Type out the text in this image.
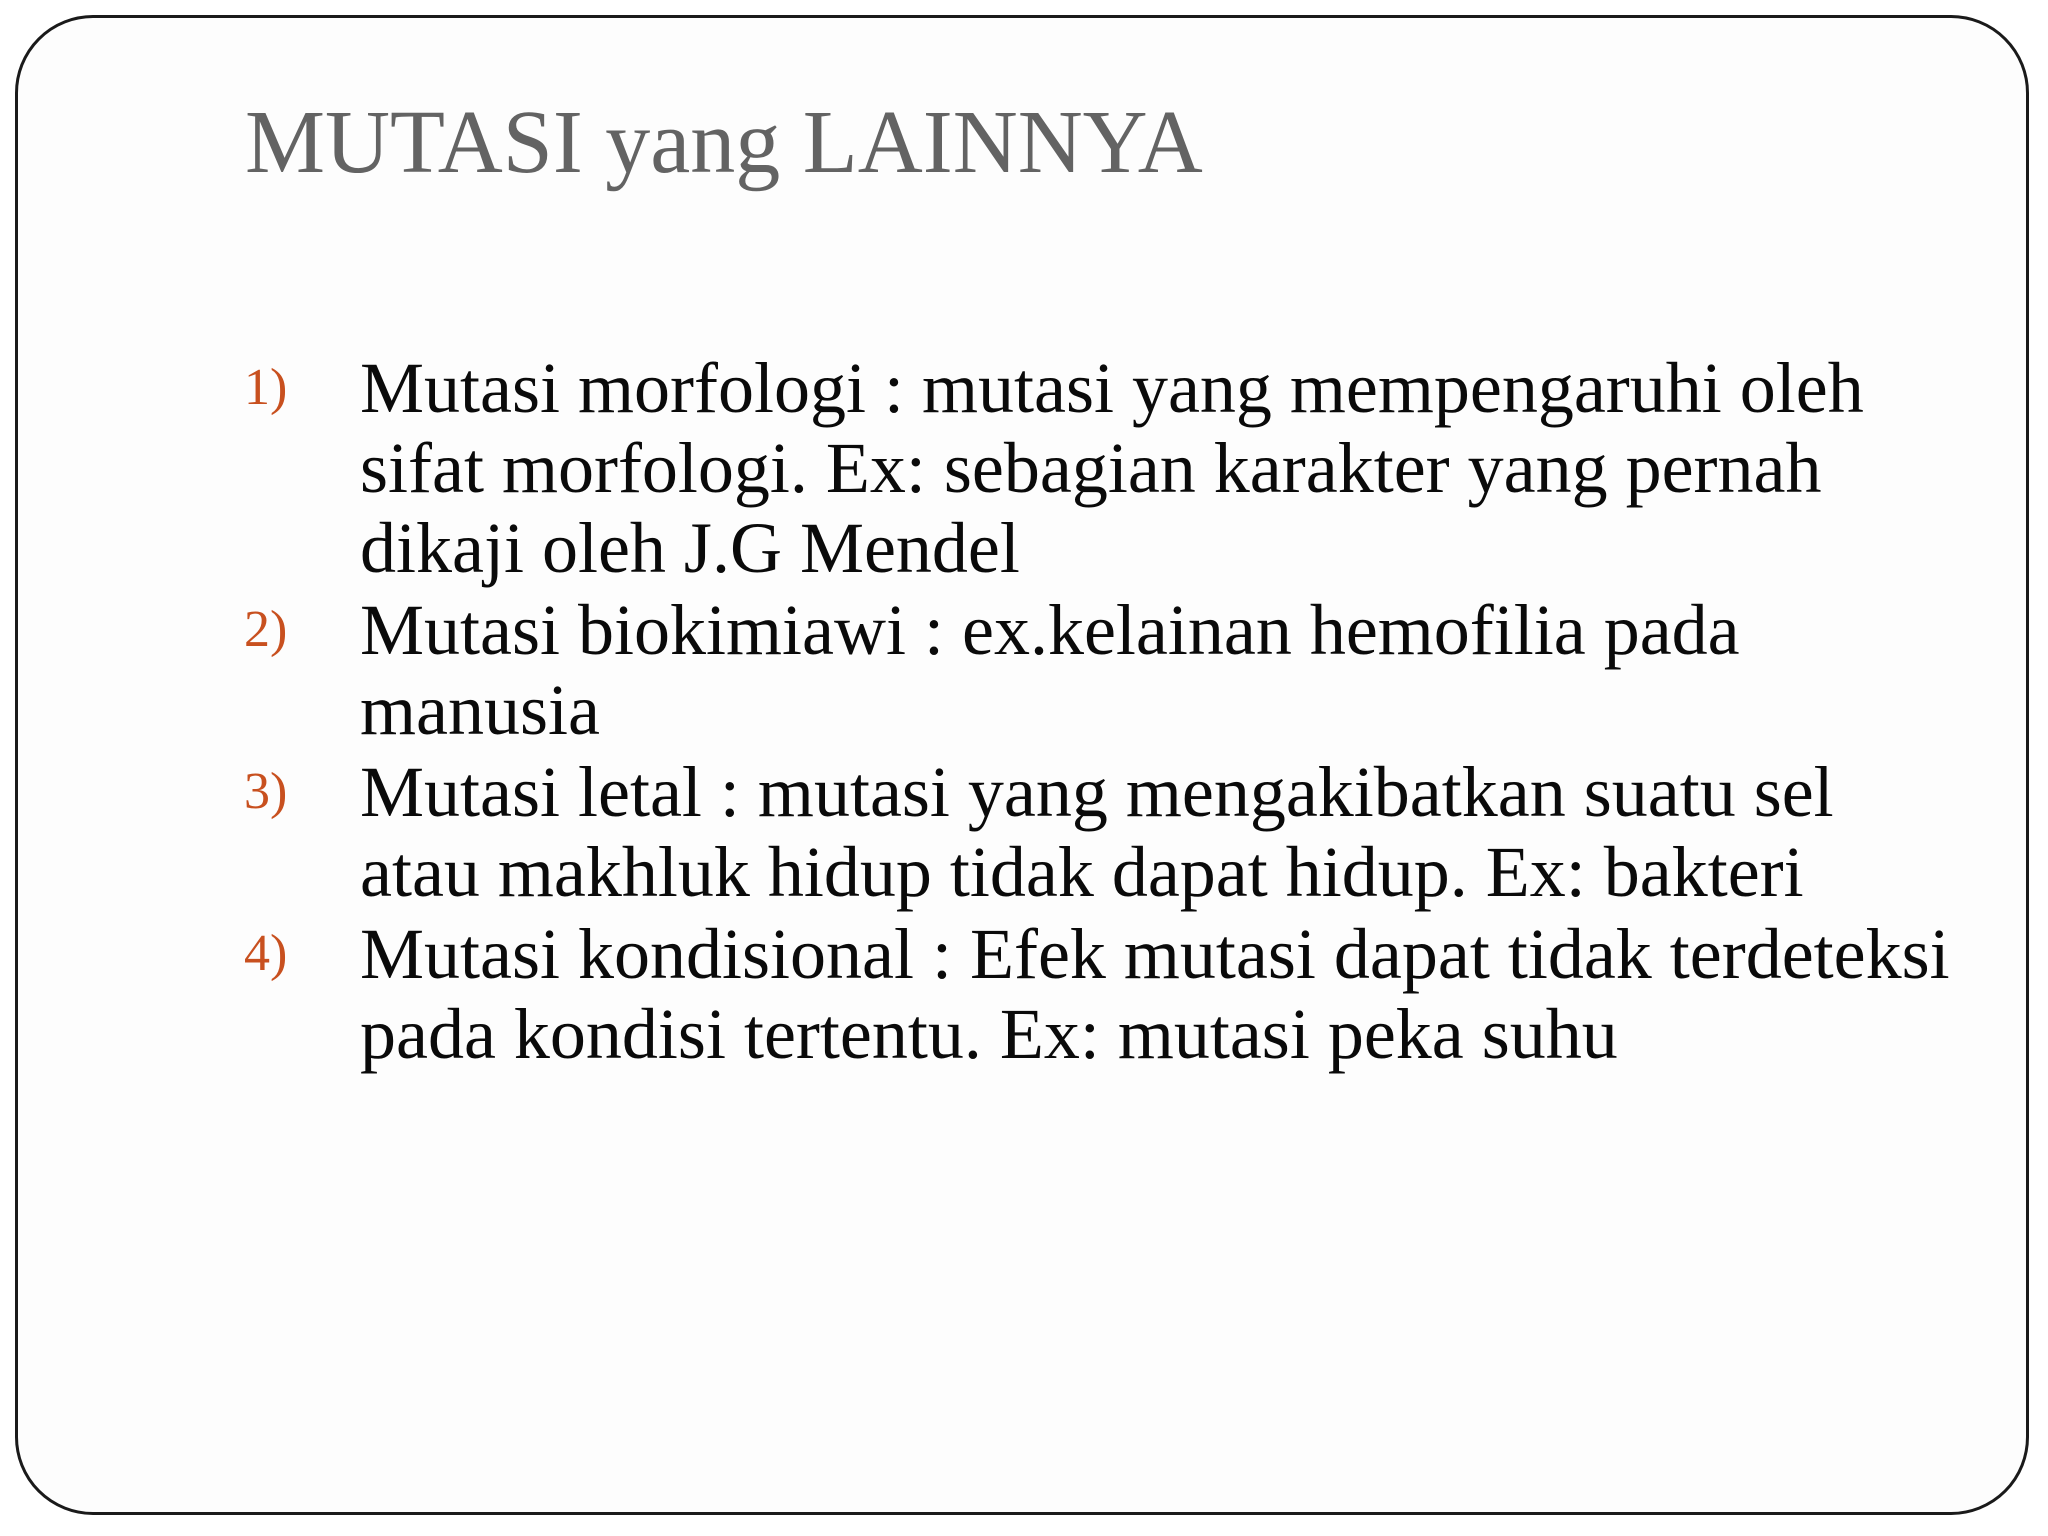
MUTASI yang LAINNYA
1) Mutasi morfologi : mutasi yang mempengaruhi oleh sifat morfologi. Ex: sebagian karakter yang pernah dikaji oleh J.G Mendel
2) Mutasi biokimiawi : ex.kelainan hemofilia pada manusia
3) Mutasi letal : mutasi yang mengakibatkan suatu sel atau makhluk hidup tidak dapat hidup. Ex: bakteri
4) Mutasi kondisional : Efek mutasi dapat tidak terdeteksi pada kondisi tertentu. Ex: mutasi peka suhu
